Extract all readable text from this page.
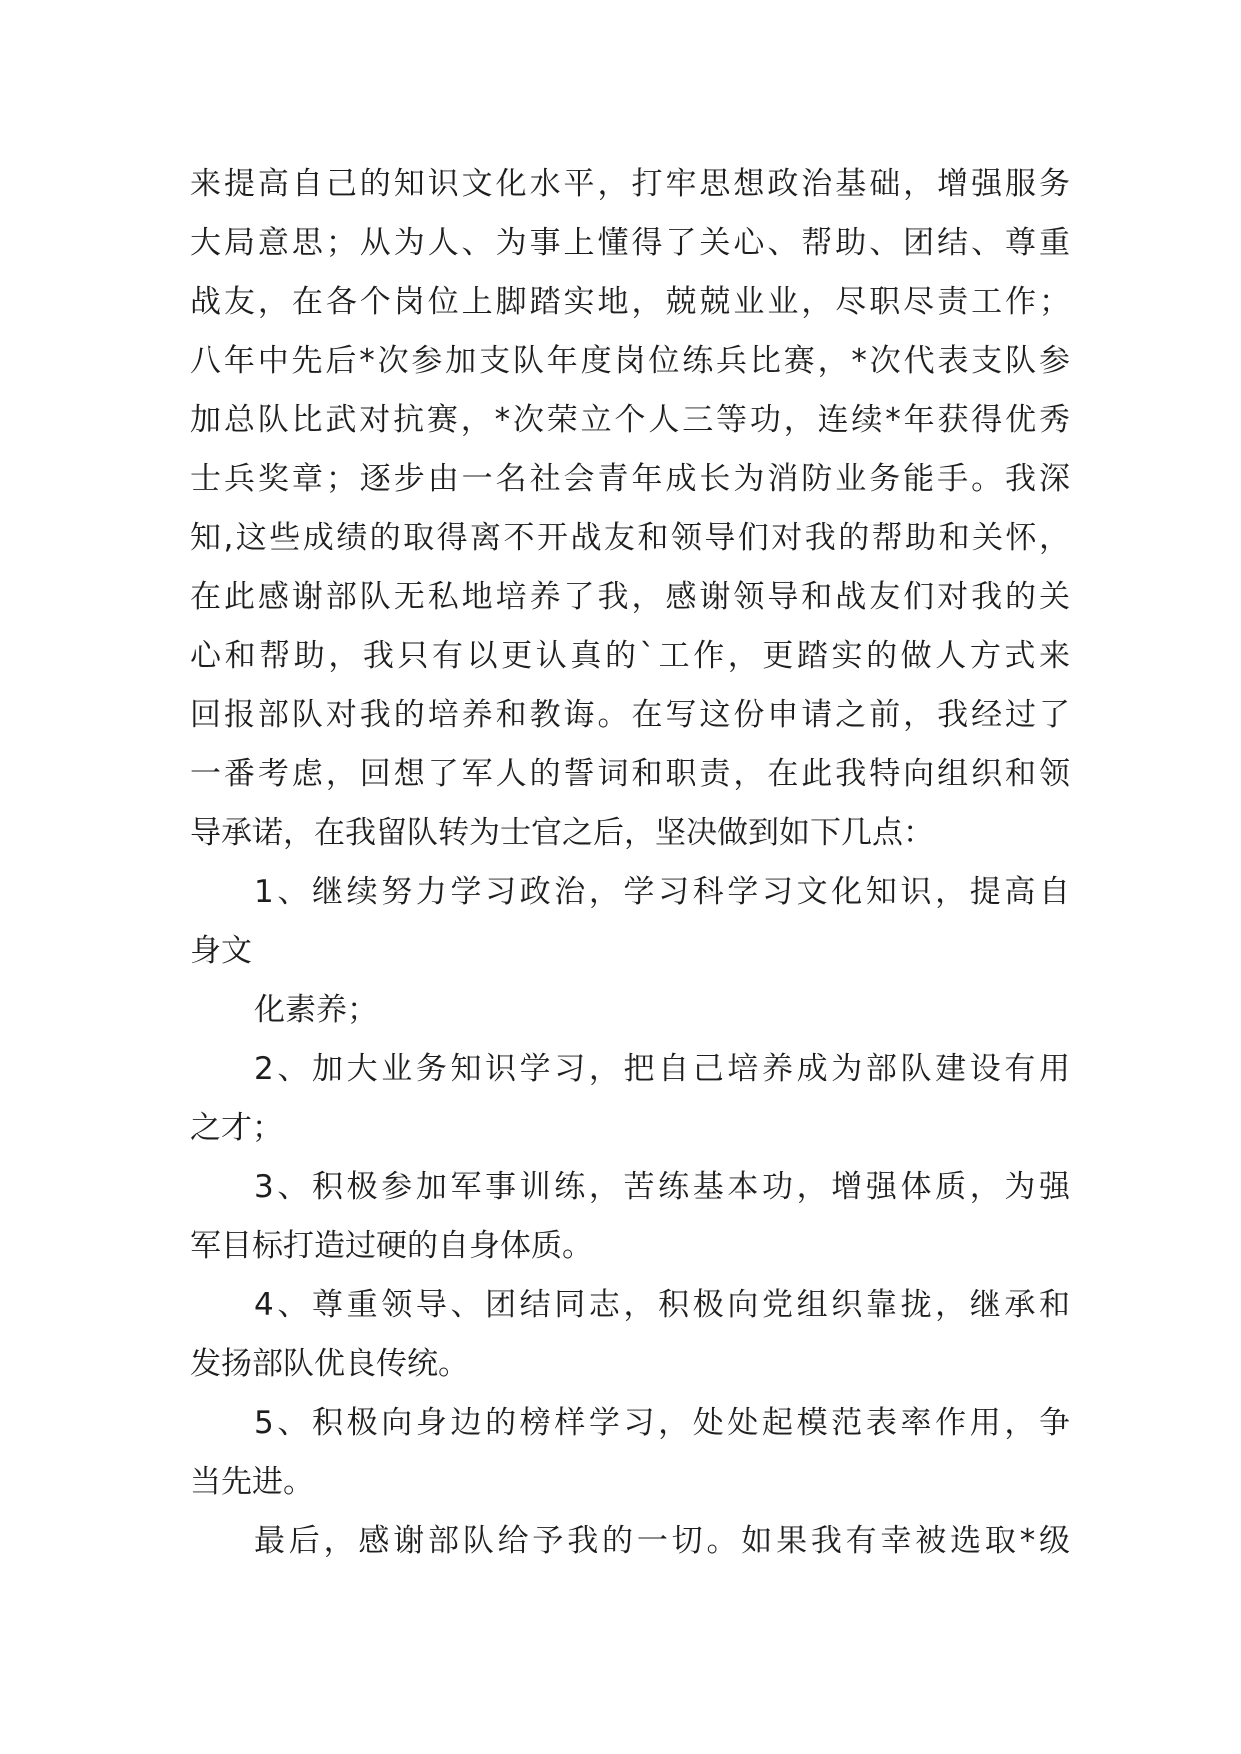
来提高自己的知识文化水平，打牢思想政治基础，增强服务
大局意思；从为人、为事上懂得了关心、帮助、团结、尊重
战友，在各个岗位上脚踏实地，兢兢业业，尽职尽责工作；
八年中先后*次参加支队年度岗位练兵比赛，*次代表支队参
加总队比武对抗赛，*次荣立个人三等功，连续*年获得优秀
士兵奖章；逐步由一名社会青年成长为消防业务能手。我深
知,这些成绩的取得离不开战友和领导们对我的帮助和关怀，
在此感谢部队无私地培养了我，感谢领导和战友们对我的关
心和帮助，我只有以更认真的`工作，更踏实的做人方式来
回报部队对我的培养和教诲。在写这份申请之前，我经过了
一番考虑，回想了军人的誓词和职责，在此我特向组织和领
导承诺，在我留队转为士官之后，坚决做到如下几点：
1、继续努力学习政治，学习科学习文化知识，提高自
身文
化素养；
2、加大业务知识学习，把自己培养成为部队建设有用
之才；
3、积极参加军事训练，苦练基本功，增强体质，为强
军目标打造过硬的自身体质。
4、尊重领导、团结同志，积极向党组织靠拢，继承和
发扬部队优良传统。
5、积极向身边的榜样学习，处处起模范表率作用，争
当先进。
最后，感谢部队给予我的一切。如果我有幸被选取*级
